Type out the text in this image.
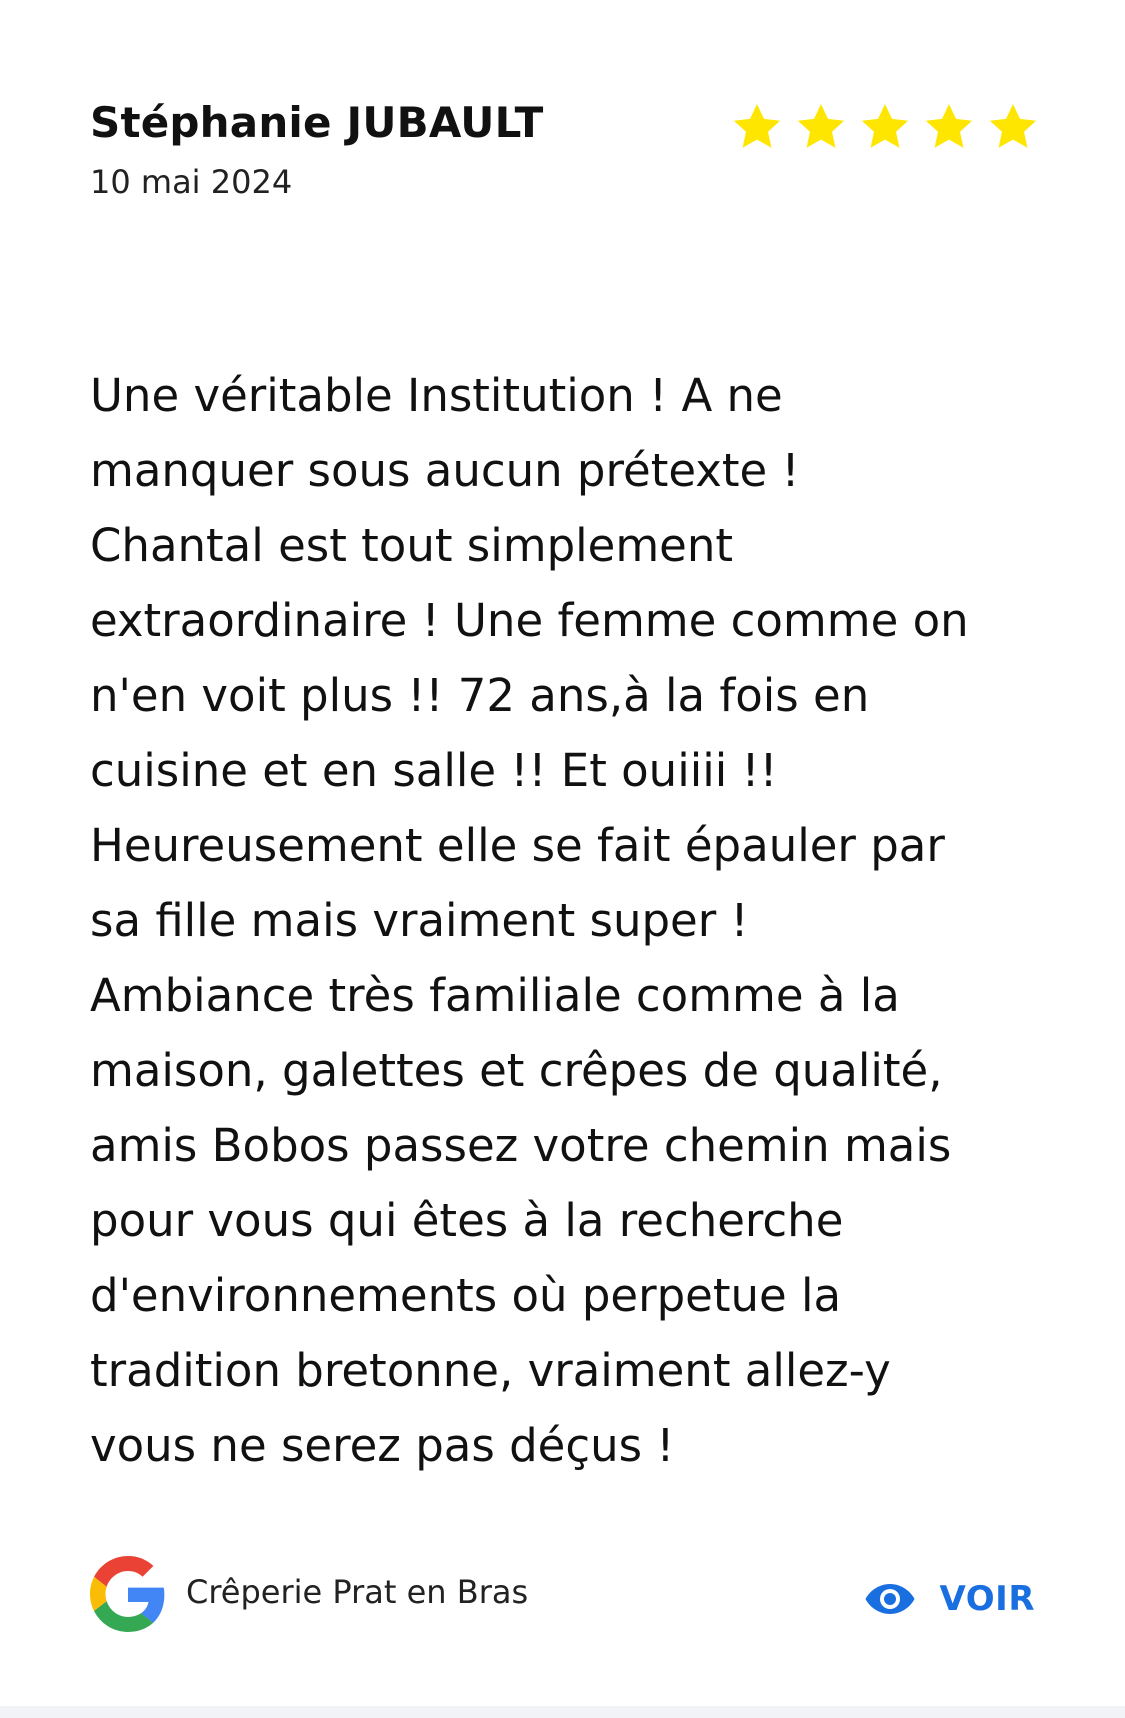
Stéphanie JUBAULT
10 mai 2024

Une véritable Institution ! A ne
manquer sous aucun prétexte !
Chantal est tout simplement
extraordinaire ! Une femme comme on
n'en voit plus !! 72 ans,à la fois en
cuisine et en salle !! Et ouiiii !!
Heureusement elle se fait épauler par
sa fille mais vraiment super !
Ambiance très familiale comme à la
maison, galettes et crêpes de qualité,
amis Bobos passez votre chemin mais
pour vous qui êtes à la recherche
d'environnements où perpetue la
tradition bretonne, vraiment allez-y
vous ne serez pas déçus !

Crêperie Prat en Bras	VOIR
